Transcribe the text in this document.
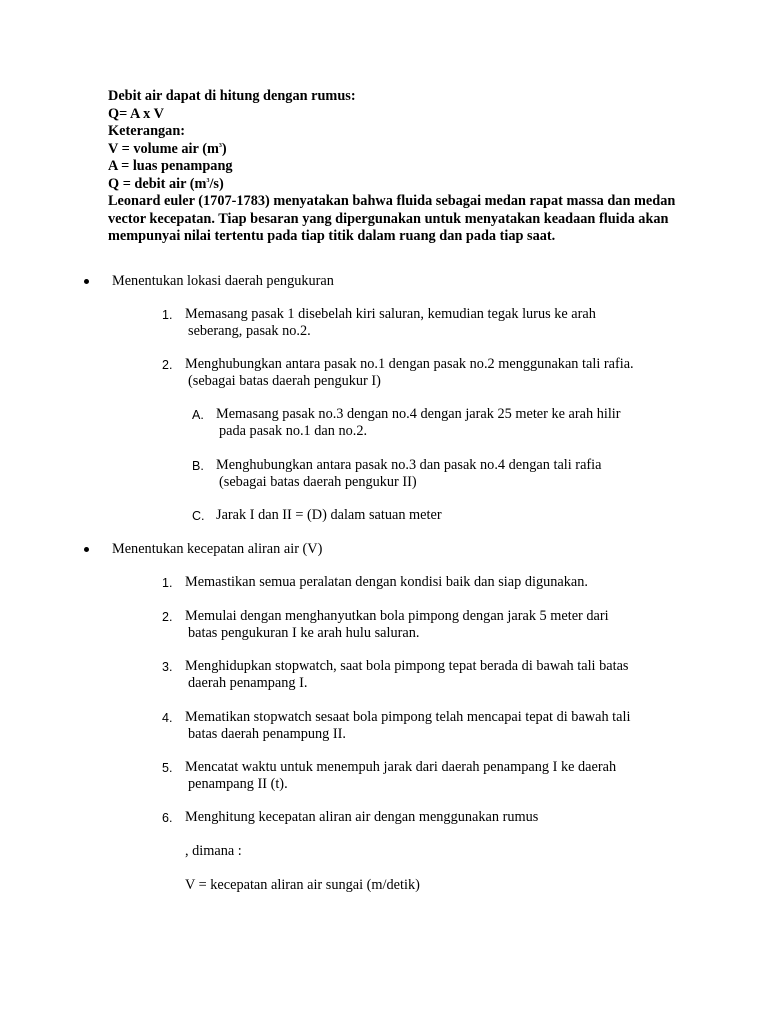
Debit air dapat di hitung dengan rumus:
Q= A x V
Keterangan:
V = volume air $(m^3)$
A = luas penampang
Q = debit air $(m^3/s)$
Leonard euler (1707-1783) menyatakan bahwa fluida sebagai medan rapat massa dan medan vector kecepatan. Tiap besaran yang dipergunakan untuk menyatakan keadaan fluida akan mempunyai nilai tertentu pada tiap titik dalam ruang dan pada tiap saat.
Menentukan lokasi daerah pengukuran
1. Memasang pasak 1 disebelah kiri saluran, kemudian tegak lurus ke arah
seberang, pasak no.2.
2. Menghubungkan antara pasak no.1 dengan pasak no.2 menggunakan tali rafia.
(sebagai batas daerah pengukur I)
A. Memasang pasak no.3 dengan no.4 dengan jarak 25 meter ke arah hilir
pada pasak no.1 dan no.2.
B. Menghubungkan antara pasak no.3 dan pasak no.4 dengan tali rafia
(sebagai batas daerah pengukur II)
C. Jarak I dan II = (D) dalam satuan meter
Menentukan kecepatan aliran air (V)
1. Memastikan semua peralatan dengan kondisi baik dan siap digunakan.
2. Memulai dengan menghanyutkan bola pimpong dengan jarak 5 meter dari
batas pengukuran I ke arah hulu saluran.
3. Menghidupkan stopwatch, saat bola pimpong tepat berada di bawah tali batas
daerah penampang I.
4. Mematikan stopwatch sesaat bola pimpong telah mencapai tepat di bawah tali
batas daerah penampung II.
5. Mencatat waktu untuk menempuh jarak dari daerah penampang I ke daerah
penampang II (t).
6. Menghitung kecepatan aliran air dengan menggunakan rumus
, dimana :
V = kecepatan aliran air sungai (m/detik)
